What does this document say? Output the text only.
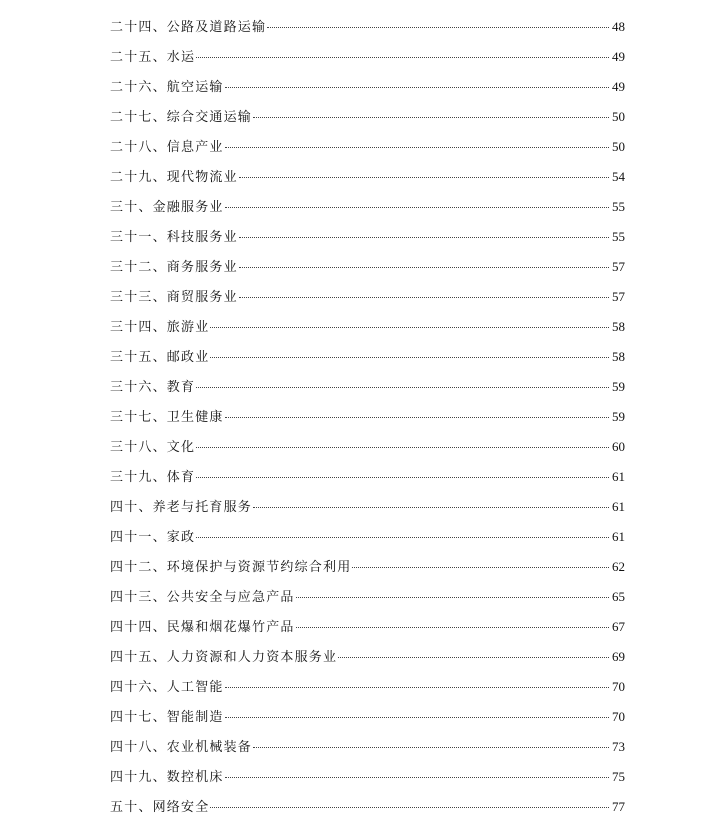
二十四、公路及道路运输	48
二十五、水运	49
二十六、航空运输	49
二十七、综合交通运输	50
二十八、信息产业	50
二十九、现代物流业	54
三十、金融服务业	55
三十一、科技服务业	55
三十二、商务服务业	57
三十三、商贸服务业	57
三十四、旅游业	58
三十五、邮政业	58
三十六、教育	59
三十七、卫生健康	59
三十八、文化	60
三十九、体育	61
四十、养老与托育服务	61
四十一、家政	61
四十二、环境保护与资源节约综合利用	62
四十三、公共安全与应急产品	65
四十四、民爆和烟花爆竹产品	67
四十五、人力资源和人力资本服务业	69
四十六、人工智能	70
四十七、智能制造	70
四十八、农业机械装备	73
四十九、数控机床	75
五十、网络安全	77
